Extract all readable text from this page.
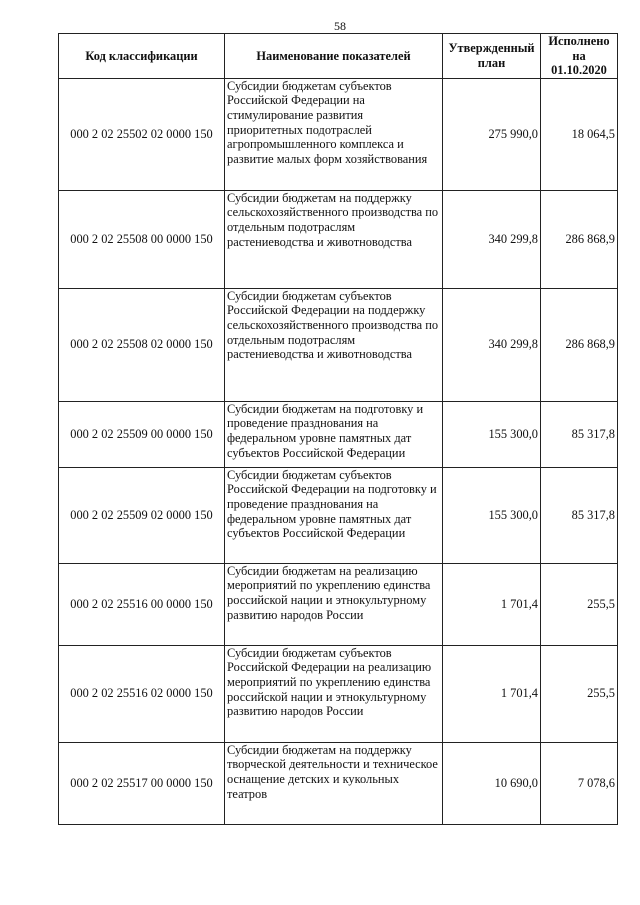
58
Код классификации	Наименование показателей	Утвержденный план	Исполнено на 01.10.2020
000 2 02 25502 02 0000 150	Субсидии бюджетам субъектов Российской Федерации на стимулирование развития приоритетных подотраслей агропромышленного комплекса и развитие малых форм хозяйствования	275 990,0	18 064,5
000 2 02 25508 00 0000 150	Субсидии бюджетам на поддержку сельскохозяйственного производства по отдельным подотраслям растениеводства и животноводства	340 299,8	286 868,9
000 2 02 25508 02 0000 150	Субсидии бюджетам субъектов Российской Федерации на поддержку сельскохозяйственного производства по отдельным подотраслям растениеводства и животноводства	340 299,8	286 868,9
000 2 02 25509 00 0000 150	Субсидии бюджетам на подготовку и проведение празднования на федеральном уровне памятных дат субъектов Российской Федерации	155 300,0	85 317,8
000 2 02 25509 02 0000 150	Субсидии бюджетам субъектов Российской Федерации на подготовку и проведение празднования на федеральном уровне памятных дат субъектов Российской Федерации	155 300,0	85 317,8
000 2 02 25516 00 0000 150	Субсидии бюджетам на реализацию мероприятий по укреплению единства российской нации и этнокультурному развитию народов России	1 701,4	255,5
000 2 02 25516 02 0000 150	Субсидии бюджетам субъектов Российской Федерации на реализацию мероприятий по укреплению единства российской нации и этнокультурному развитию народов России	1 701,4	255,5
000 2 02 25517 00 0000 150	Субсидии бюджетам на поддержку творческой деятельности и техническое оснащение детских и кукольных театров	10 690,0	7 078,6
